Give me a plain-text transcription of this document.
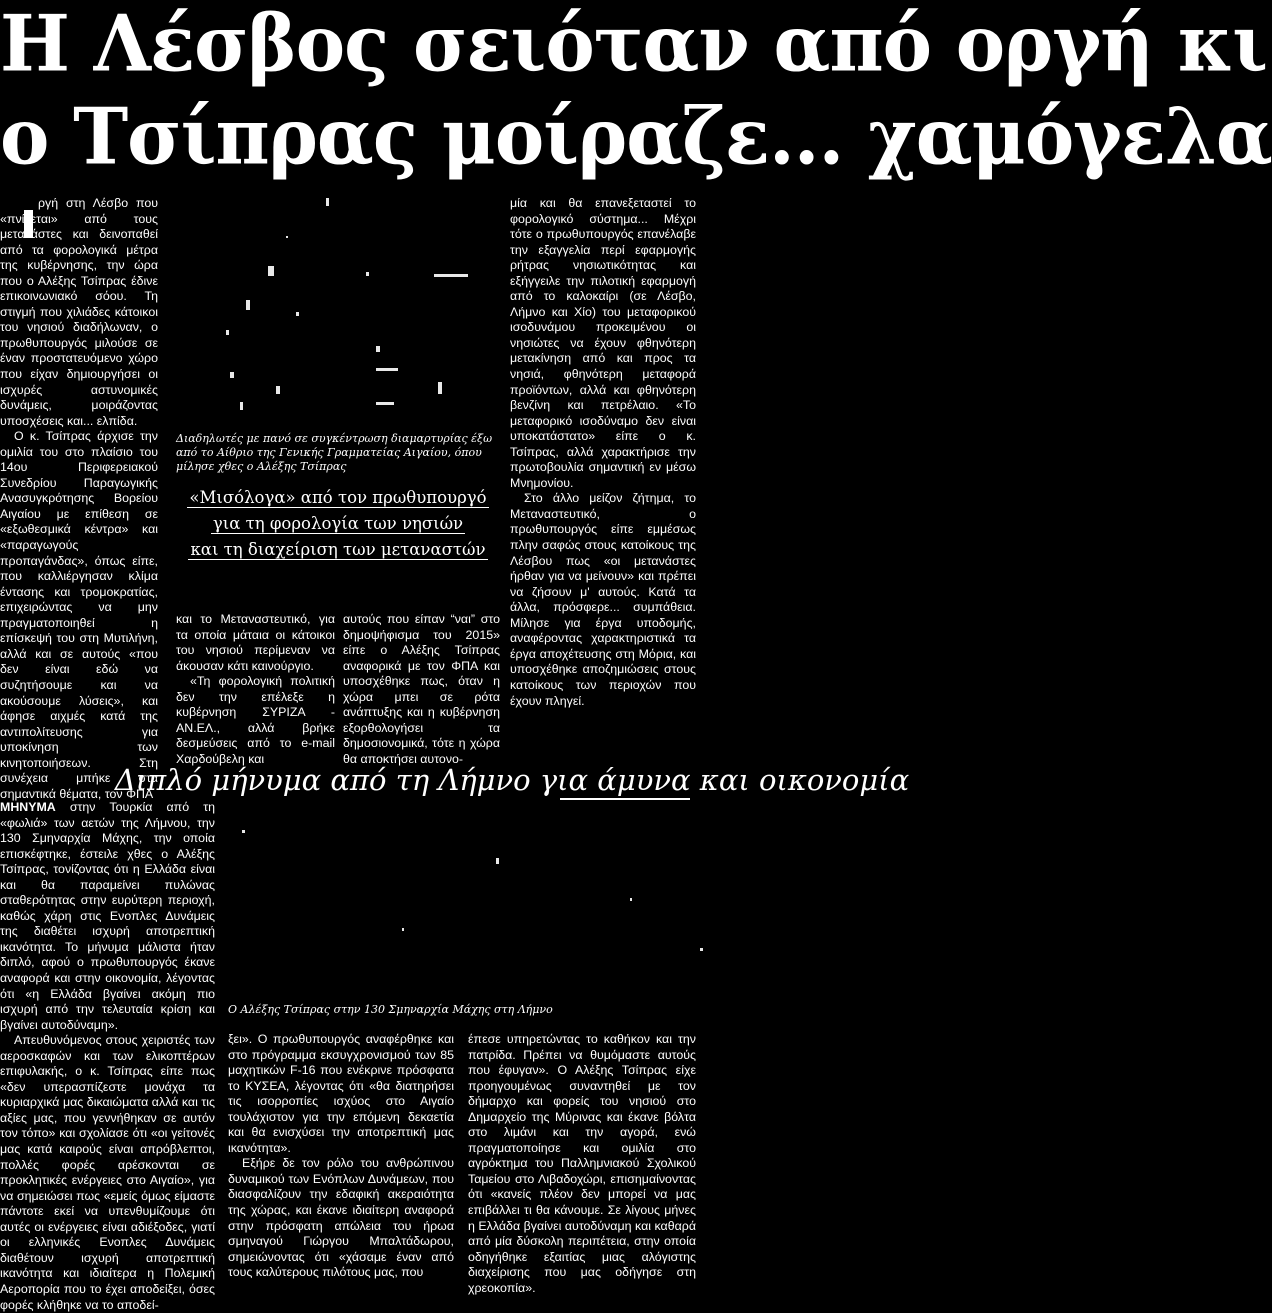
Η Λέσβος σειόταν από οργή κι
ο Τσίπρας μοίραζε... χαμόγελα

ργή στη Λέσβο που «πνίγεται» από τους μετανάστες και δεινοπαθεί από τα φορολογικά μέτρα της κυβέρνησης, την ώρα που ο Αλέξης Τσίπρας έδινε επικοινωνιακό σόου. Τη στιγμή που χιλιάδες κάτοικοι του νησιού διαδήλωναν, ο πρωθυπουργός μιλούσε σε έναν προστατευόμενο χώρο που είχαν δημιουργήσει οι ισχυρές αστυνομικές δυνάμεις, μοιράζοντας υποσχέσεις και... ελπίδα.

Ο κ. Τσίπρας άρχισε την ομιλία του στο πλαίσιο του 14ου Περιφερειακού Συνεδρίου Παραγωγικής Ανασυγκρότησης Βορείου Αιγαίου με επίθεση σε «εξωθεσμικά κέντρα» και «παραγωγούς προπαγάνδας», όπως είπε, που καλλιέργησαν κλίμα έντασης και τρομοκρατίας, επιχειρώντας να μην πραγματοποιηθεί η επίσκεψή του στη Μυτιλήνη, αλλά και σε αυτούς «που δεν είναι εδώ να συζητήσουμε και να ακούσουμε λύσεις», και άφησε αιχμές κατά της αντιπολίτευσης για υποκίνηση των κινητοποιήσεων. Στη συνέχεια μπήκε στα σημαντικά θέματα, τον ΦΠΑ

Διαδηλωτές με πανό σε συγκέντρωση διαμαρτυρίας έξω από το Αίθριο της Γενικής Γραμματείας Αιγαίου, όπου μίλησε χθες ο Αλέξης Τσίπρας
«Μισόλογα» από τον πρωθυπουργό
για τη φορολογία των νησιών
και τη διαχείριση των μεταναστών

και το Μεταναστευτικό, για τα οποία μάταια οι κάτοικοι του νησιού περίμεναν να άκουσαν κάτι καινούργιο.

«Τη φορολογική πολιτική δεν την επέλεξε η κυβέρνηση ΣΥΡΙΖΑ - ΑΝ.ΕΛ., αλλά βρήκε δεσμεύσεις από το e-mail Χαρδούβελη και

αυτούς που είπαν “ναι” στο δημοψήφισμα του 2015» είπε ο Αλέξης Τσίπρας αναφορικά με τον ΦΠΑ και υποσχέθηκε πως, όταν η χώρα μπει σε ρότα ανάπτυξης και η κυβέρνηση εξορθολογήσει τα δημοσιονομικά, τότε η χώρα θα αποκτήσει αυτονο-

μία και θα επανεξεταστεί το φορολογικό σύστημα... Μέχρι τότε ο πρωθυπουργός επανέλαβε την εξαγγελία περί εφαρμογής ρήτρας νησιωτικότητας και εξήγγειλε την πιλοτική εφαρμογή από το καλοκαίρι (σε Λέσβο, Λήμνο και Χίο) του μεταφορικού ισοδυνάμου προκειμένου οι νησιώτες να έχουν φθηνότερη μετακίνηση από και προς τα νησιά, φθηνότερη μεταφορά προϊόντων, αλλά και φθηνότερη βενζίνη και πετρέλαιο. «Το μεταφορικό ισοδύναμο δεν είναι υποκατάστατο» είπε ο κ. Τσίπρας, αλλά χαρακτήρισε την πρωτοβουλία σημαντική εν μέσω Μνημονίου.

Στο άλλο μείζον ζήτημα, το Μεταναστευτικό, ο πρωθυπουργός είπε εμμέσως πλην σαφώς στους κατοίκους της Λέσβου πως «οι μετανάστες ήρθαν για να μείνουν» και πρέπει να ζήσουν μ' αυτούς. Κατά τα άλλα, πρόσφερε... συμπάθεια. Μίλησε για έργα υποδομής, αναφέροντας χαρακτηριστικά τα έργα αποχέτευσης στη Μόρια, και υποσχέθηκε αποζημιώσεις στους κατοίκους των περιοχών που έχουν πληγεί.

Διπλό μήνυμα από τη Λήμνο για άμυνα και οικονομία
Ο Αλέξης Τσίπρας στην 130 Σμηναρχία Μάχης στη Λήμνο

ΜΗΝΥΜΑ στην Τουρκία από τη «φωλιά» των αετών της Λήμνου, την 130 Σμηναρχία Μάχης, την οποία επισκέφτηκε, έστειλε χθες ο Αλέξης Τσίπρας, τονίζοντας ότι η Ελλάδα είναι και θα παραμείνει πυλώνας σταθερότητας στην ευρύτερη περιοχή, καθώς χάρη στις Ενοπλες Δυνάμεις της διαθέτει ισχυρή αποτρεπτική ικανότητα. Το μήνυμα μάλιστα ήταν διπλό, αφού ο πρωθυπουργός έκανε αναφορά και στην οικονομία, λέγοντας ότι «η Ελλάδα βγαίνει ακόμη πιο ισχυρή από την τελευταία κρίση και βγαίνει αυτοδύναμη».

Απευθυνόμενος στους χειριστές των αεροσκαφών και των ελικοπτέρων επιφυλακής, ο κ. Τσίπρας είπε πως «δεν υπερασπίζεστε μονάχα τα κυριαρχικά μας δικαιώματα αλλά και τις αξίες μας, που γεννήθηκαν σε αυτόν τον τόπο» και σχολίασε ότι «οι γείτονές μας κατά καιρούς είναι απρόβλεπτοι, πολλές φορές αρέσκονται σε προκλητικές ενέργειες στο Αιγαίο», για να σημειώσει πως «εμείς όμως είμαστε πάντοτε εκεί να υπενθυμίζουμε ότι αυτές οι ενέργειες είναι αδιέξοδες, γιατί οι ελληνικές Ενοπλες Δυνάμεις διαθέτουν ισχυρή αποτρεπτική ικανότητα και ιδιαίτερα η Πολεμική Αεροπορία που το έχει αποδείξει, όσες φορές κλήθηκε να το αποδεί-

ξει». Ο πρωθυπουργός αναφέρθηκε και στο πρόγραμμα εκσυγχρονισμού των 85 μαχητικών F-16 που ενέκρινε πρόσφατα το ΚΥΣΕΑ, λέγοντας ότι «θα διατηρήσει τις ισορροπίες ισχύος στο Αιγαίο τουλάχιστον για την επόμενη δεκαετία και θα ενισχύσει την αποτρεπτική μας ικανότητα».

Εξήρε δε τον ρόλο του ανθρώπινου δυναμικού των Ενόπλων Δυνάμεων, που διασφαλίζουν την εδαφική ακεραιότητα της χώρας, και έκανε ιδιαίτερη αναφορά στην πρόσφατη απώλεια του ήρωα σμηναγού Γιώργου Μπαλτάδωρου, σημειώνοντας ότι «χάσαμε έναν από τους καλύτερους πιλότους μας, που

έπεσε υπηρετώντας το καθήκον και την πατρίδα. Πρέπει να θυμόμαστε αυτούς που έφυγαν». Ο Αλέξης Τσίπρας είχε προηγουμένως συναντηθεί με τον δήμαρχο και φορείς του νησιού στο Δημαρχείο της Μύρινας και έκανε βόλτα στο λιμάνι και την αγορά, ενώ πραγματοποίησε και ομιλία στο αγρόκτημα του Παλλημνιακού Σχολικού Ταμείου στο Λιβαδοχώρι, επισημαίνοντας ότι «κανείς πλέον δεν μπορεί να μας επιβάλλει τι θα κάνουμε. Σε λίγους μήνες η Ελλάδα βγαίνει αυτοδύναμη και καθαρά από μία δύσκολη περιπέτεια, στην οποία οδηγήθηκε εξαιτίας μιας αλόγιστης διαχείρισης που μας οδήγησε στη χρεοκοπία».
